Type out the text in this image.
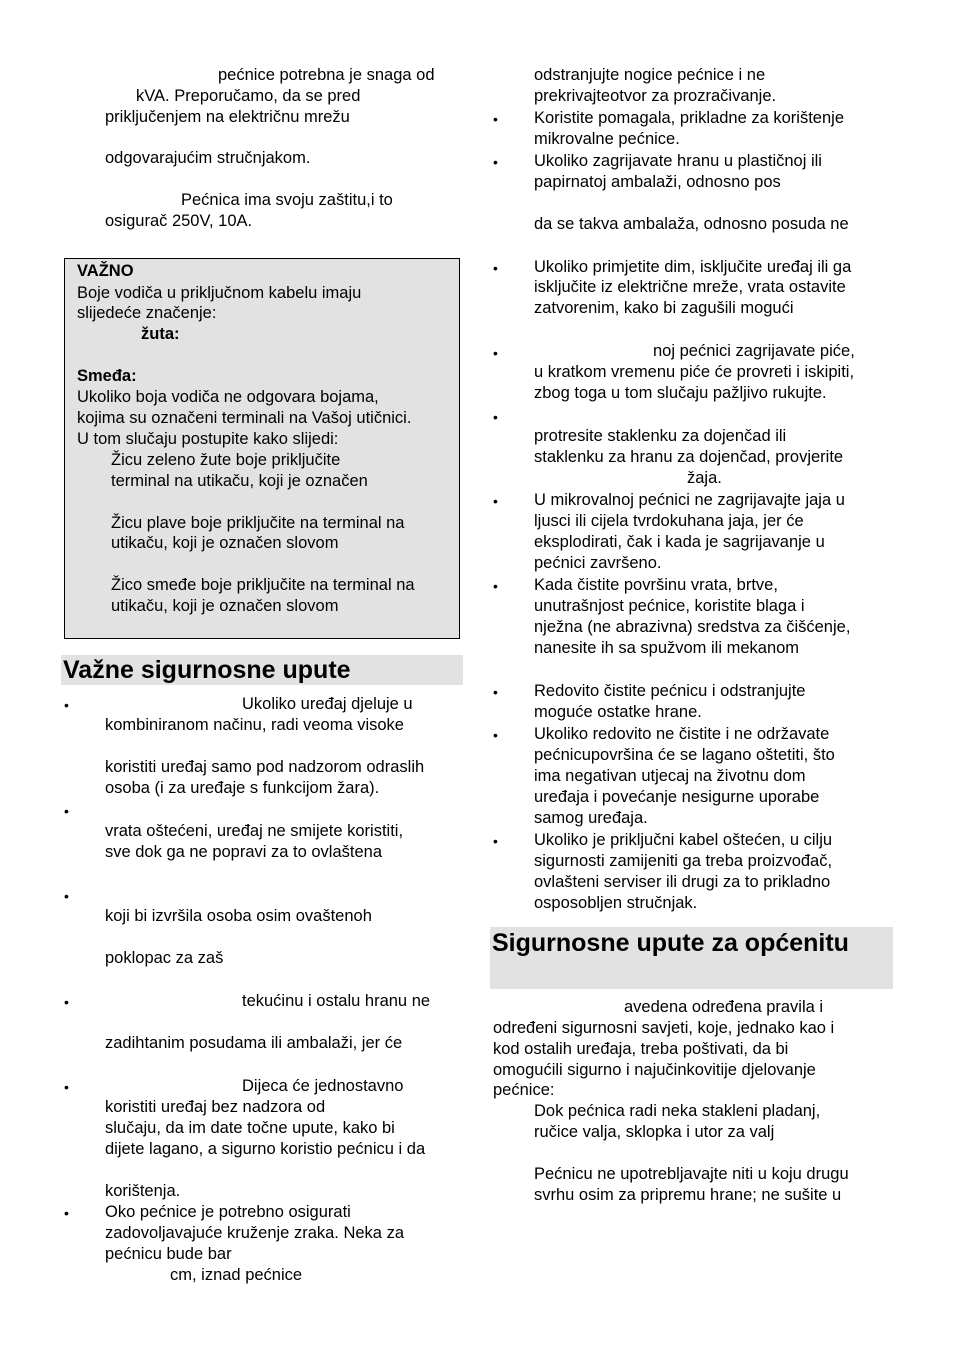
pećnice potrebna je snaga od
kVA. Preporučamo, da se pred
priključenjem na električnu mrežu
odgovarajućim stručnjakom.
Pećnica ima svoju zaštitu,i to
osigurač 250V, 10A.
VAŽNO
Boje vodiča u priključnom kabelu imaju
slijedeće značenje:
žuta:
Smeđa:
Ukoliko boja vodiča ne odgovara bojama,
kojima su označeni terminali na Vašoj utičnici.
U tom slučaju postupite kako slijedi:
Žicu zeleno žute boje priključite
terminal na utikaču, koji je označen
Žicu plave boje priključite na terminal na
utikaču, koji je označen slovom
Žico smeđe boje priključite na terminal na
utikaču, koji je označen slovom
Važne sigurnosne upute
•	Ukoliko uređaj djeluje u
kombiniranom načinu, radi veoma visoke
koristiti uređaj samo pod nadzorom odraslih
osoba (i za uređaje s funkcijom žara).
•
vrata oštećeni, uređaj ne smijete koristiti,
sve dok ga ne popravi za to ovlaštena
•
koji bi izvršila osoba osim ovaštenoh
poklopac za zaš
•	tekućinu i ostalu hranu ne
zadihtanim posudama ili ambalaži, jer će
•	Dijeca će jednostavno
koristiti uređaj bez nadzora od
slučaju, da im date točne upute, kako bi
dijete lagano, a sigurno koristio pećnicu i da
korištenja.
• Oko pećnice je potrebno osigurati
zadovoljavajuće kruženje zraka. Neka za
pećnicu bude bar
cm, iznad pećnice
odstranjujte nogice pećnice i ne
prekrivajteotvor za prozračivanje.
• Koristite pomagala, prikladne za korištenje
mikrovalne pećnice.
• Ukoliko zagrijavate hranu u plastičnoj ili
papirnatoj ambalaži, odnosno pos
da se takva ambalaža, odnosno posuda ne
• Ukoliko primjetite dim, isključite uređaj ili ga
isključite iz električne mreže, vrata ostavite
zatvorenim, kako bi zagušili mogući
•	noj pećnici zagrijavate piće,
u kratkom vremenu piće će provreti i iskipiti,
zbog toga u tom slučaju pažljivo rukujte.
•
protresite staklenku za dojenčad ili
staklenku za hranu za dojenčad, provjerite
žaja.
• U mikrovalnoj pećnici ne zagrijavajte jaja u
ljusci ili cijela tvrdokuhana jaja, jer će
eksplodirati, čak i kada je sagrijavanje u
pećnici završeno.
• Kada čistite površinu vrata, brtve,
unutrašnjost pećnice, koristite blaga i
nježna (ne abrazivna) sredstva za čišćenje,
nanesite ih sa spužvom ili mekanom
• Redovito čistite pećnicu i odstranjujte
moguće ostatke hrane.
• Ukoliko redovito ne čistite i ne održavate
pećnicupovršina će se lagano oštetiti, što
ima negativan utjecaj na životnu dom
uređaja i povećanje nesigurne uporabe
samog uređaja.
• Ukoliko je priključni kabel oštećen, u cilju
sigurnosti zamijeniti ga treba proizvođač,
ovlašteni serviser ili drugi za to prikladno
osposobljen stručnjak.
Sigurnosne upute za općenitu
avedena određena pravila i
određeni sigurnosni savjeti, koje, jednako kao i
kod ostalih uređaja, treba poštivati, da bi
omogućili sigurno i najučinkovitije djelovanje
pećnice:
Dok pećnica radi neka stakleni pladanj,
ručice valja, sklopka i utor za valj
Pećnicu ne upotrebljavajte niti u koju drugu
svrhu osim za pripremu hrane; ne sušite u
